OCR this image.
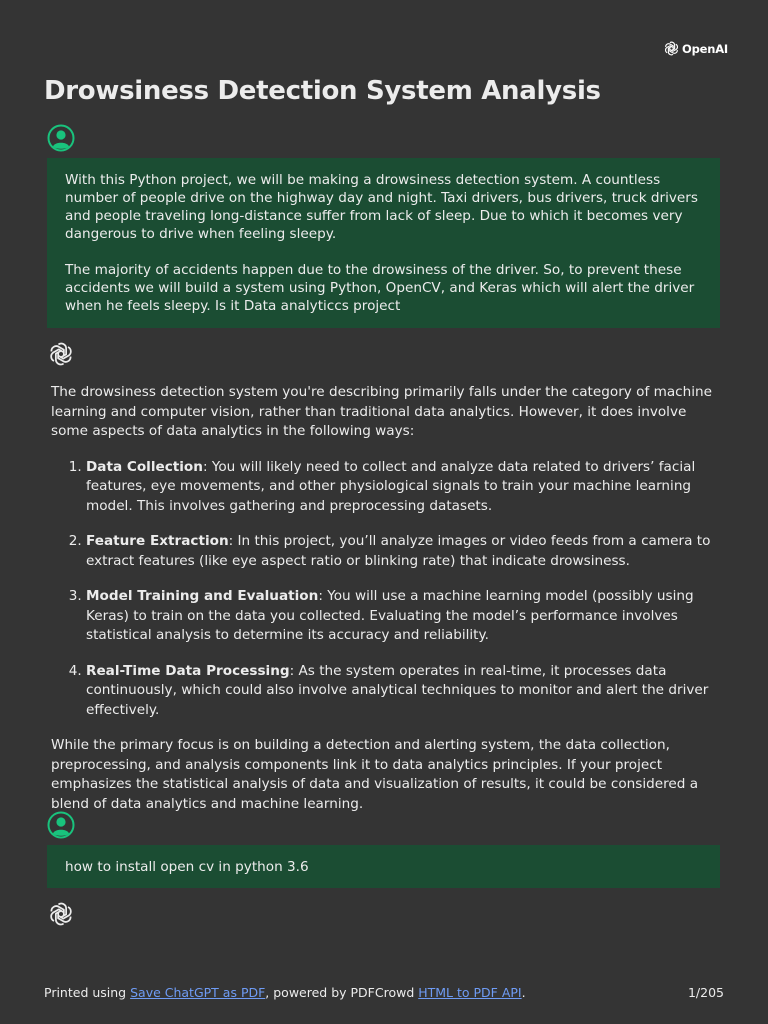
OpenAI
Drowsiness Detection System Analysis

With this Python project, we will be making a drowsiness detection system. A countless number of people drive on the highway day and night. Taxi drivers, bus drivers, truck drivers and people traveling long-distance suffer from lack of sleep. Due to which it becomes very dangerous to drive when feeling sleepy.

The majority of accidents happen due to the drowsiness of the driver. So, to prevent these accidents we will build a system using Python, OpenCV, and Keras which will alert the driver when he feels sleepy. Is it Data analyticcs project

The drowsiness detection system you're describing primarily falls under the category of machine learning and computer vision, rather than traditional data analytics. However, it does involve some aspects of data analytics in the following ways:

1. Data Collection: You will likely need to collect and analyze data related to drivers’ facial features, eye movements, and other physiological signals to train your machine learning model. This involves gathering and preprocessing datasets.
2. Feature Extraction: In this project, you’ll analyze images or video feeds from a camera to extract features (like eye aspect ratio or blinking rate) that indicate drowsiness.
3. Model Training and Evaluation: You will use a machine learning model (possibly using Keras) to train on the data you collected. Evaluating the model’s performance involves statistical analysis to determine its accuracy and reliability.
4. Real-Time Data Processing: As the system operates in real-time, it processes data continuously, which could also involve analytical techniques to monitor and alert the driver effectively.

While the primary focus is on building a detection and alerting system, the data collection, preprocessing, and analysis components link it to data analytics principles. If your project emphasizes the statistical analysis of data and visualization of results, it could be considered a blend of data analytics and machine learning.

how to install open cv in python 3.6

Printed using Save ChatGPT as PDF, powered by PDFCrowd HTML to PDF API.	1/205
